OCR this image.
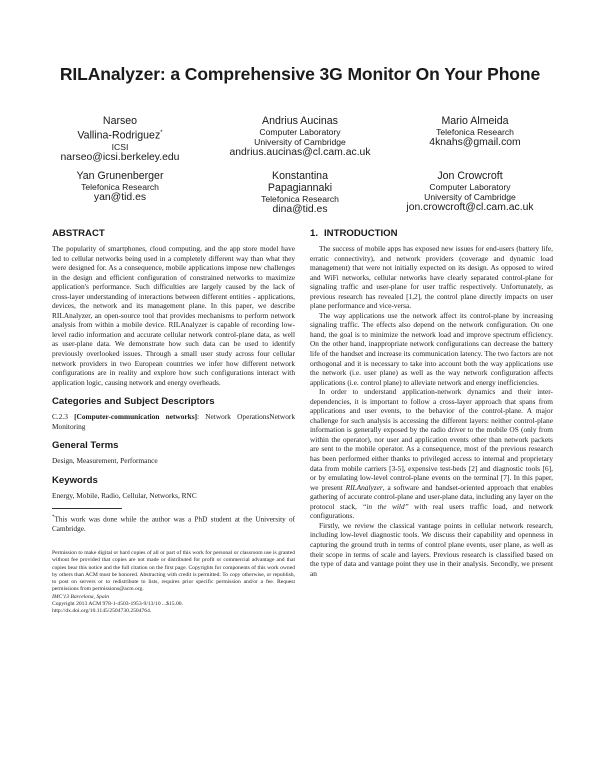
RILAnalyzer: a Comprehensive 3G Monitor On Your Phone
Narseo
Vallina-Rodriguez*
ICSI
narseo@icsi.berkeley.edu
Andrius Aucinas
Computer Laboratory
University of Cambridge
andrius.aucinas@cl.cam.ac.uk
Mario Almeida
Telefonica Research
4knahs@gmail.com
Yan Grunenberger
Telefonica Research
yan@tid.es
Konstantina
Papagiannaki
Telefonica Research
dina@tid.es
Jon Crowcroft
Computer Laboratory
University of Cambridge
jon.crowcroft@cl.cam.ac.uk
ABSTRACT

The popularity of smartphones, cloud computing, and the app store model have led to cellular networks being used in a completely different way than what they were designed for. As a consequence, mobile applications impose new challenges in the design and efficient configuration of constrained networks to maximize application's performance. Such difficulties are largely caused by the lack of cross-layer understanding of interactions between different entities - applications, devices, the network and its management plane. In this paper, we describe RILAnalyzer, an open-source tool that provides mechanisms to perform network analysis from within a mobile device. RILAnalyzer is capable of recording low-level radio information and accurate cellular network control-plane data, as well as user-plane data. We demonstrate how such data can be used to identify previously overlooked issues. Through a small user study across four cellular network providers in two European countries we infer how different network configurations are in reality and explore how such configurations interact with application logic, causing network and energy overheads.

Categories and Subject Descriptors

C.2.3 [Computer-communication networks]: Network OperationsNetwork Monitoring

General Terms

Design, Measurement, Performance

Keywords

Energy, Mobile, Radio, Cellular, Networks, RNC

*This work was done while the author was a PhD student at the University of Cambridge.

Permission to make digital or hard copies of all or part of this work for personal or classroom use is granted without fee provided that copies are not made or distributed for profit or commercial advantage and that copies bear this notice and the full citation on the first page. Copyrights for components of this work owned by others than ACM must be honored. Abstracting with credit is permitted. To copy otherwise, or republish, to post on servers or to redistribute to lists, requires prior specific permission and/or a fee. Request permissions from permissions@acm.org.

IMC'13 Barcelona, Spain

Copyright 2013 ACM 978-1-4503-1953-9/13/10 ...$15.00.

http://dx.doi.org/10.1145/2504730.2504764.

1. INTRODUCTION

The success of mobile apps has exposed new issues for end-users (battery life, erratic connectivity), and network providers (coverage and dynamic load management) that were not initially expected on its design. As opposed to wired and WiFi networks, cellular networks have clearly separated control-plane for signaling traffic and user-plane for user traffic respectively. Unfortunately, as previous research has revealed [1,2], the control plane directly impacts on user plane performance and vice-versa.

The way applications use the network affect its control-plane by increasing signaling traffic. The effects also depend on the network configuration. On one hand, the goal is to minimize the network load and improve spectrum efficiency. On the other hand, inappropriate network configurations can decrease the battery life of the handset and increase its communication latency. The two factors are not orthogonal and it is necessary to take into account both the way applications use the network (i.e. user plane) as well as the way network configuration affects applications (i.e. control plane) to alleviate network and energy inefficiencies.

In order to understand application-network dynamics and their inter-dependencies, it is important to follow a cross-layer approach that spans from applications and user events, to the behavior of the control-plane. A major challenge for such analysis is accessing the different layers: neither control-plane information is generally exposed by the radio driver to the mobile OS (only from within the operator), nor user and application events other than network packets are sent to the mobile operator. As a consequence, most of the previous research has been performed either thanks to privileged access to internal and proprietary data from mobile carriers [3-5], expensive test-beds [2] and diagnostic tools [6], or by emulating low-level control-plane events on the terminal [7]. In this paper, we present RILAnalyzer, a software and handset-oriented approach that enables gathering of accurate control-plane and user-plane data, including any layer on the protocol stack, “in the wild” with real users traffic load, and network configurations.

Firstly, we review the classical vantage points in cellular network research, including low-level diagnostic tools. We discuss their capability and openness in capturing the ground truth in terms of control plane events, user plane, as well as their scope in terms of scale and layers. Previous research is classified based on the type of data and vantage point they use in their analysis. Secondly, we present an
